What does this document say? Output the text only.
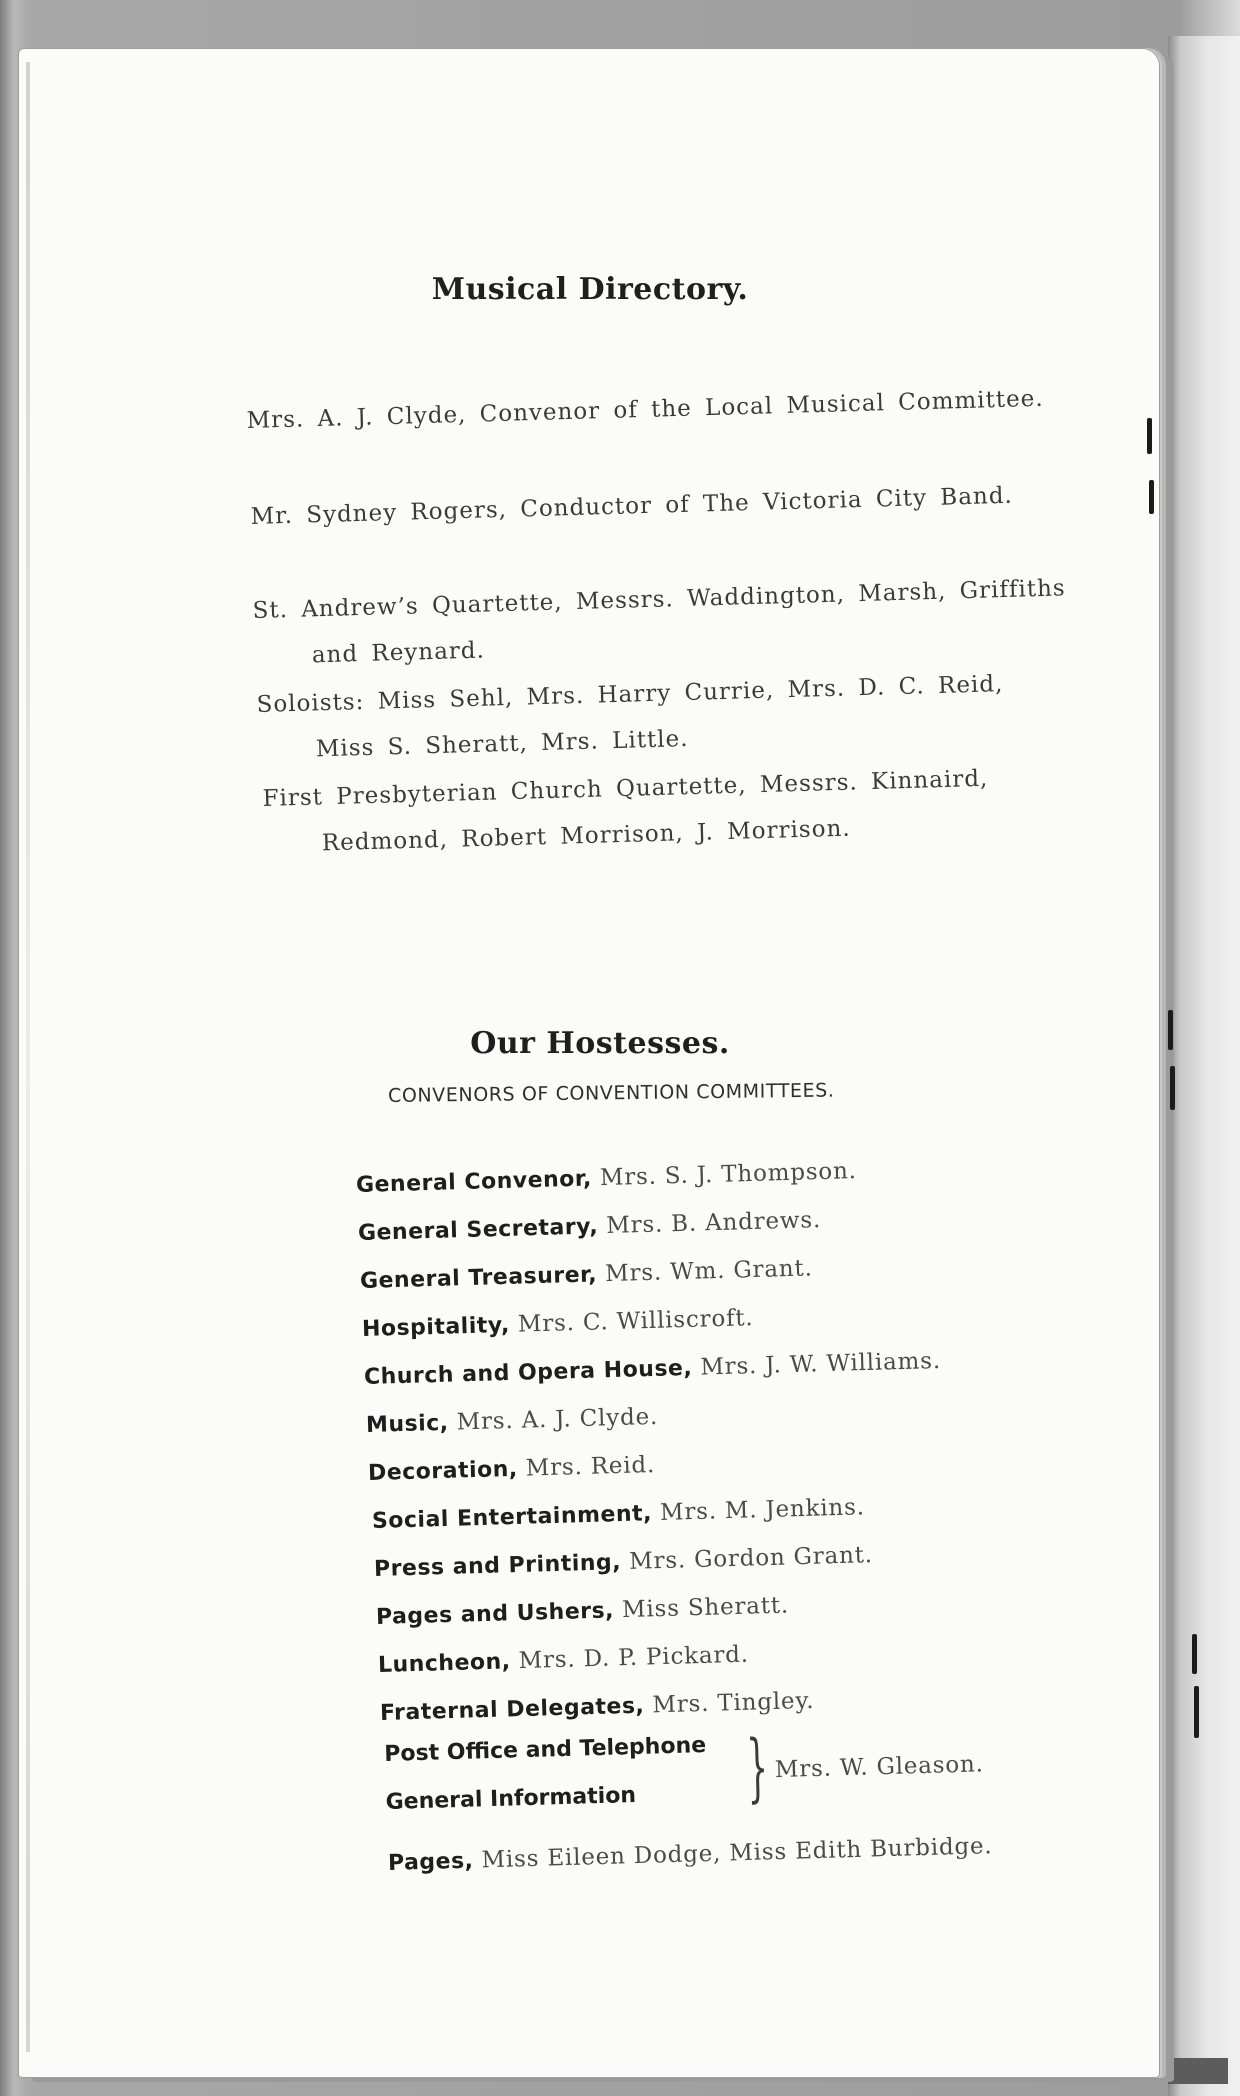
Musical Directory.
Mrs. A. J. Clyde, Convenor of the Local Musical Committee.
Mr. Sydney Rogers, Conductor of The Victoria City Band.
St. Andrew’s Quartette, Messrs. Waddington, Marsh, Griffiths and Reynard.
Soloists: Miss Sehl, Mrs. Harry Currie, Mrs. D. C. Reid, Miss S. Sheratt, Mrs. Little.
First Presbyterian Church Quartette, Messrs. Kinnaird, Redmond, Robert Morrison, J. Morrison.
Our Hostesses.
CONVENORS OF CONVENTION COMMITTEES.
General Convenor, Mrs. S. J. Thompson.
General Secretary, Mrs. B. Andrews.
General Treasurer, Mrs. Wm. Grant.
Hospitality, Mrs. C. Williscroft.
Church and Opera House, Mrs. J. W. Williams.
Music, Mrs. A. J. Clyde.
Decoration, Mrs. Reid.
Social Entertainment, Mrs. M. Jenkins.
Press and Printing, Mrs. Gordon Grant.
Pages and Ushers, Miss Sheratt.
Luncheon, Mrs. D. P. Pickard.
Fraternal Delegates, Mrs. Tingley.
Post Office and Telephone
General Information } Mrs. W. Gleason.
Pages, Miss Eileen Dodge, Miss Edith Burbidge.
